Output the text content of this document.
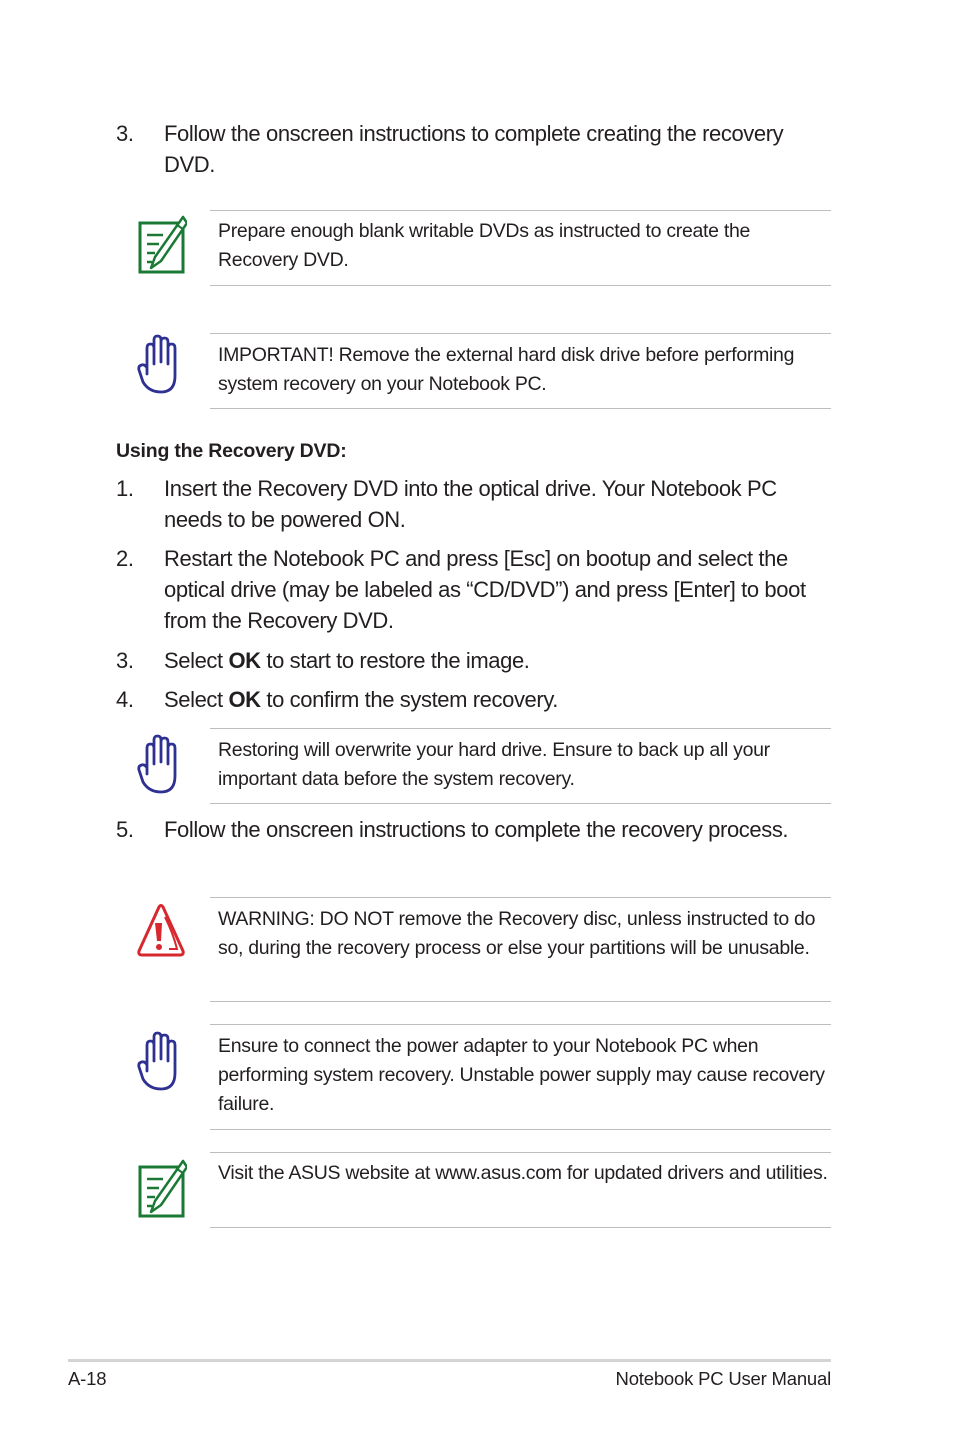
3. Follow the onscreen instructions to complete creating the recovery DVD.
Prepare enough blank writable DVDs as instructed to create the Recovery DVD.
IMPORTANT! Remove the external hard disk drive before performing system recovery on your Notebook PC.
Using the Recovery DVD:
1. Insert the Recovery DVD into the optical drive. Your Notebook PC needs to be powered ON.
2. Restart the Notebook PC and press [Esc] on bootup and select the optical drive (may be labeled as “CD/DVD”) and press [Enter] to boot from the Recovery DVD.
3. Select OK to start to restore the image.
4. Select OK to confirm the system recovery.
Restoring will overwrite your hard drive. Ensure to back up all your important data before the system recovery.
5. Follow the onscreen instructions to complete the recovery process.
WARNING: DO NOT remove the Recovery disc, unless instructed to do so, during the recovery process or else your partitions will be unusable.
Ensure to connect the power adapter to your Notebook PC when performing system recovery. Unstable power supply may cause recovery failure.
Visit the ASUS website at www.asus.com for updated drivers and utilities.
A-18	Notebook PC User Manual
